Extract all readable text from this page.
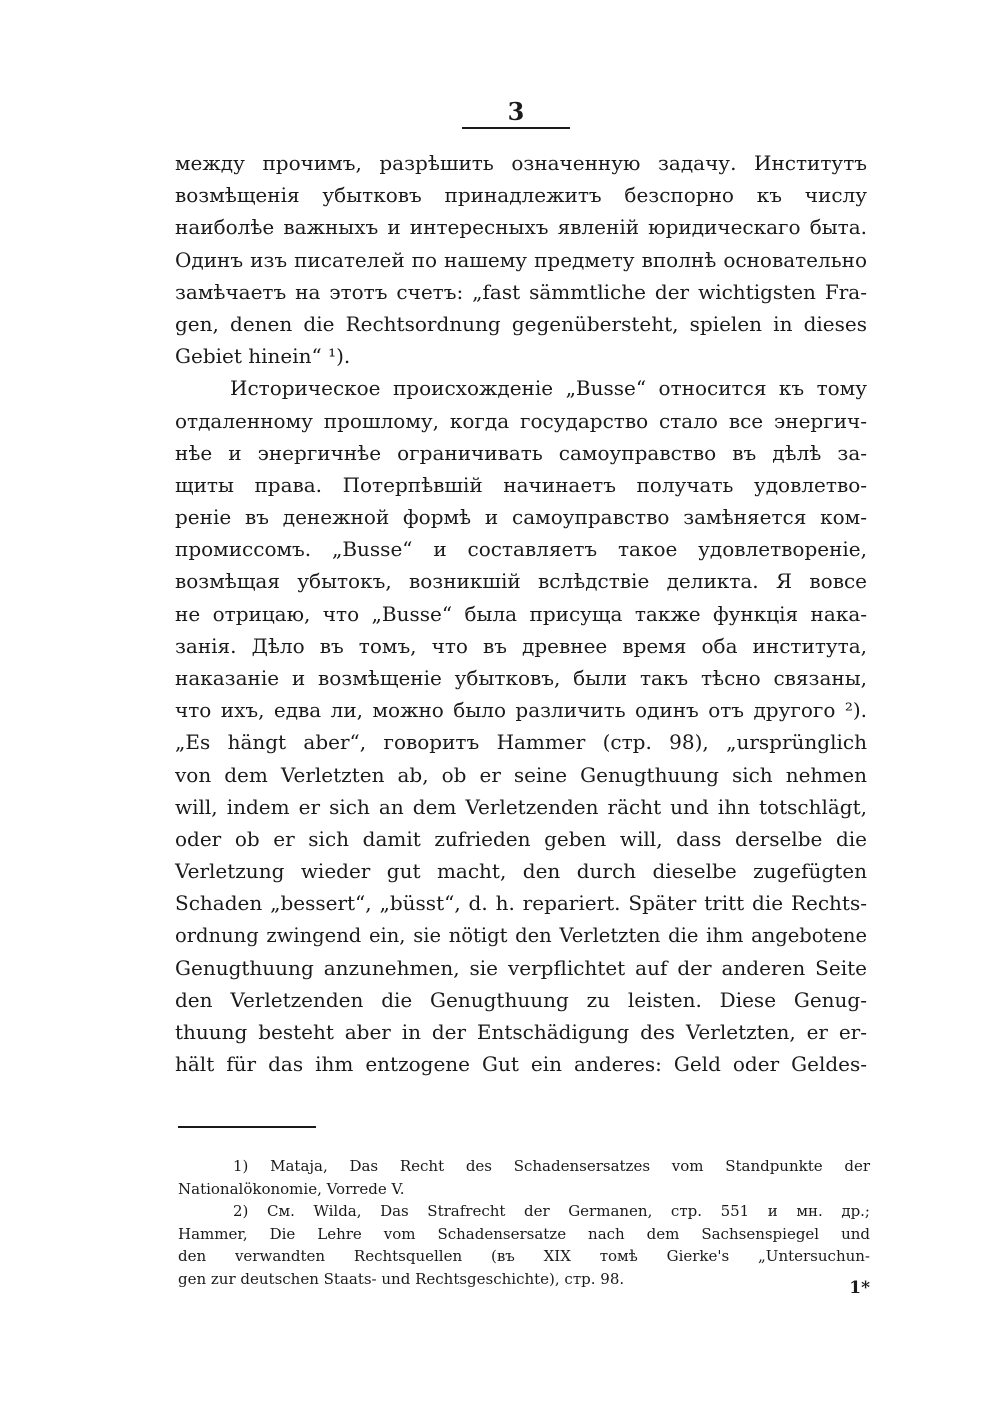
3
между прочимъ, разрѣшить означенную задачу. Институтъ
возмѣщенія убытковъ принадлежитъ безспорно къ числу
наиболѣе важныхъ и интересныхъ явленій юридическаго быта.
Одинъ изъ писателей по нашему предмету вполнѣ основательно
замѣчаетъ на этотъ счетъ: „fast sämmtliche der wichtigsten Fra-
gen, denen die Rechtsordnung gegenübersteht, spielen in dieses
Gebiet hinein“ ¹).
Историческое происхожденіе „Busse“ относится къ тому
отдаленному прошлому, когда государство стало все энергич-
нѣе и энергичнѣе ограничивать самоуправство въ дѣлѣ за-
щиты права. Потерпѣвшій начинаетъ получать удовлетво-
реніе въ денежной формѣ и самоуправство замѣняется ком-
промиссомъ. „Busse“ и составляетъ такое удовлетвореніе,
возмѣщая убытокъ, возникшій вслѣдствіе деликта. Я вовсе
не отрицаю, что „Busse“ была присуща также функція нака-
занія. Дѣло въ томъ, что въ древнее время оба института,
наказаніе и возмѣщеніе убытковъ, были такъ тѣсно связаны,
что ихъ, едва ли, можно было различить одинъ отъ другого ²).
„Es hängt aber“, говоритъ Hammer (стр. 98), „ursprünglich
von dem Verletzten ab, ob er seine Genugthuung sich nehmen
will, indem er sich an dem Verletzenden rächt und ihn totschlägt,
oder ob er sich damit zufrieden geben will, dass derselbe die
Verletzung wieder gut macht, den durch dieselbe zugefügten
Schaden „bessert“, „büsst“, d. h. repariert. Später tritt die Rechts-
ordnung zwingend ein, sie nötigt den Verletzten die ihm angebotene
Genugthuung anzunehmen, sie verpflichtet auf der anderen Seite
den Verletzenden die Genugthuung zu leisten. Diese Genug-
thuung besteht aber in der Entschädigung des Verletzten, er er-
hält für das ihm entzogene Gut ein anderes: Geld oder Geldes-
1) Mataja, Das Recht des Schadensersatzes vom Standpunkte der
Nationalökonomie, Vorrede V.
2) См. Wilda, Das Strafrecht der Germanen, стр. 551 и мн. др.;
Hammer, Die Lehre vom Schadensersatze nach dem Sachsenspiegel und
den verwandten Rechtsquellen (въ XIX томѣ Gierke's „Untersuchun-
gen zur deutschen Staats- und Rechtsgeschichte), стр. 98.	1*
